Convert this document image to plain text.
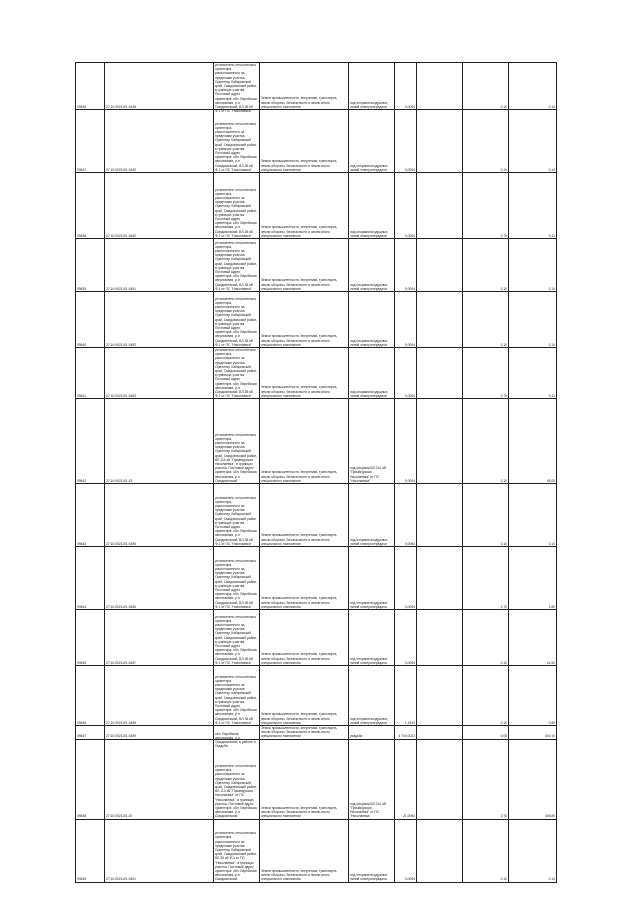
09636	27:10:0021101:3448	установлено относительно ориентира, расположенного за пределами участка. Ориентир Хабаровский край, Смидовичский район, в границах участка. Почтовый адрес ориентира: обл. Еврейская автономная, р-н Смидовичский, ВЛ-35 кВ Ф-1 от ПС "Николаевка"	Земли промышленности, энергетики, транспорта, земли обороны, безопасности и земли иного специального назначения	под опорами воздушных линий электропередачи	0,0054		0,10	0,14

09637	27:10:0021101:3449	установлено относительно ориентира, расположенного за пределами участка. Ориентир Хабаровский край, Смидовичский район, в границах участка. Почтовый адрес ориентира: обл. Еврейская автономная, р-н Смидовичский, ВЛ-35 кВ Ф-1 от ПС "Николаевка"	Земли промышленности, энергетики, транспорта, земли обороны, безопасности и земли иного специального назначения	под опорами воздушных линий электропередачи	0,0054		0,10	0,14

09638	27:10:0021101:3450	установлено относительно ориентира, расположенного за пределами участка. Ориентир Хабаровский край, Смидовичский район, в границах участка. Почтовый адрес ориентира: обл. Еврейская автономная, р-н Смидовичский, ВЛ-35 кВ Ф-1 от ПС "Николаевка"	Земли промышленности, энергетики, транспорта, земли обороны, безопасности и земли иного специального назначения	под опорами воздушных линий электропередачи	0,0054		2,70	0,11

09639	27:10:0021101:3451	установлено относительно ориентира, расположенного за пределами участка. Ориентир Хабаровский край, Смидовичский район, в границах участка. Почтовый адрес ориентира: обл. Еврейская автономная, р-н Смидовичский, ВЛ-35 кВ Ф-1 от ПС "Николаевка"	Земли промышленности, энергетики, транспорта, земли обороны, безопасности и земли иного специального назначения	под опорами воздушных линий электропередачи	0,0054		0,10	0,14

09640	27:10:0021101:3452	установлено относительно ориентира, расположенного за пределами участка. Ориентир Хабаровский край, Смидовичский район, в границах участка. Почтовый адрес ориентира: обл. Еврейская автономная, р-н Смидовичский, ВЛ-35 кВ Ф-1 от ПС "Николаевка"	Земли промышленности, энергетики, транспорта, земли обороны, безопасности и земли иного специального назначения	под опорами воздушных линий электропередачи	0,0054		0,10	0,14

09641	27:10:0021101:3453	установлено относительно ориентира, расположенного за пределами участка. Ориентир Хабаровский край, Смидовичский район, в границах участка. Почтовый адрес ориентира: обл. Еврейская автономная, р-н Смидовичский, ВЛ-35 кВ Ф-1 от ПС "Николаевка"	Земли промышленности, энергетики, транспорта, земли обороны, безопасности и земли иного специального назначения	под опорами воздушных линий электропередачи	0,0054		2,70	0,11

09642	27:10:0021101:18	установлено относительно ориентира, расположенного за пределами участка. Ориентир Хабаровский край, Смидовичский район, ВЛ-110 кВ "Приамурская - Николаевка", в границах участка. Почтовый адрес ориентира: обл. Еврейская автономная, р-н Смидовичский	Земли промышленности, энергетики, транспорта, земли обороны, безопасности и земли иного специального назначения	под опорами ВЛ-110 кВ "Приамурская - Николаевка" от ПС "Николаевка"	0,0054		0,10	45,00

09643	27:10:0021101:3455	установлено относительно ориентира, расположенного за пределами участка. Ориентир Хабаровский край, Смидовичский район, в границах участка. Почтовый адрес ориентира: обл. Еврейская автономная, р-н Смидовичский, ВЛ-35 кВ Ф-1 от ПС "Николаевка"	Земли промышленности, энергетики, транспорта, земли обороны, безопасности и земли иного специального назначения	под опорами воздушных линий электропередачи	0,0054		0,10	0,14

09644	27:10:0021101:3456	установлено относительно ориентира, расположенного за пределами участка. Ориентир Хабаровский край, Смидовичский район, в границах участка. Почтовый адрес ориентира: обл. Еврейская автономная, р-н Смидовичский, ВЛ-35 кВ Ф-1 от ПС "Николаевка"	Земли промышленности, энергетики, транспорта, земли обороны, безопасности и земли иного специального назначения	под опорами воздушных линий электропередачи	0,0054		2,70	1,80

09645	27:10:0021101:3457	установлено относительно ориентира, расположенного за пределами участка. Ориентир Хабаровский край, Смидовичский район, в границах участка. Почтовый адрес ориентира: обл. Еврейская автономная, р-н Смидовичский, ВЛ-35 кВ Ф-1 от ПС "Николаевка"	Земли промышленности, энергетики, транспорта, земли обороны, безопасности и земли иного специального назначения	под опорами воздушных линий электропередачи	0,0054		0,10	14,52

09646	27:10:0021101:3458	установлено относительно ориентира, расположенного за пределами участка. Ориентир Хабаровский край, Смидовичский район, в границах участка. Почтовый адрес ориентира: обл. Еврейская автономная, р-н Смидовичский, ВЛ-35 кВ Ф-1 от ПС "Николаевка"	Земли промышленности, энергетики, транспорта, земли обороны, безопасности и земли иного специального назначения	под опорами воздушных линий электропередачи	1,1543		0,10	0,89

09647	27:10:0021101:3459	обл. Еврейская автономная, р-н Смидовичский, в районе п. Усадьба	Земли промышленности, энергетики, транспорта, земли обороны, безопасности и земли иного специального назначения	усадьба	4 700,0021		0,09	440,10

09648	27:10:0021101:20	установлено относительно ориентира, расположенного за пределами участка. Ориентир Хабаровский край, Смидовичский район, ВЛ-110 кВ "Приамурская - Николаевка" от ПС "Николаевка", в границах участка. Почтовый адрес ориентира: обл. Еврейская автономная, р-н Смидовичский	Земли промышленности, энергетики, транспорта, земли обороны, безопасности и земли иного специального назначения	под опорами ВЛ-110 кВ "Приамурская - Николаевка" от ПС "Николаевка"	21,0054		2,70	405,89

09649	27:10:0021101:3461	установлено относительно ориентира, расположенного за пределами участка. Ориентир Хабаровский край, Смидовичский район, ВЛ-35 кВ Ф-1 от ПС "Николаевка", в границах участка. Почтовый адрес ориентира: обл. Еврейская автономная, р-н Смидовичский	Земли промышленности, энергетики, транспорта, земли обороны, безопасности и земли иного специального назначения	под опорами воздушных линий электропередачи	0,0054		0,10	0,14
